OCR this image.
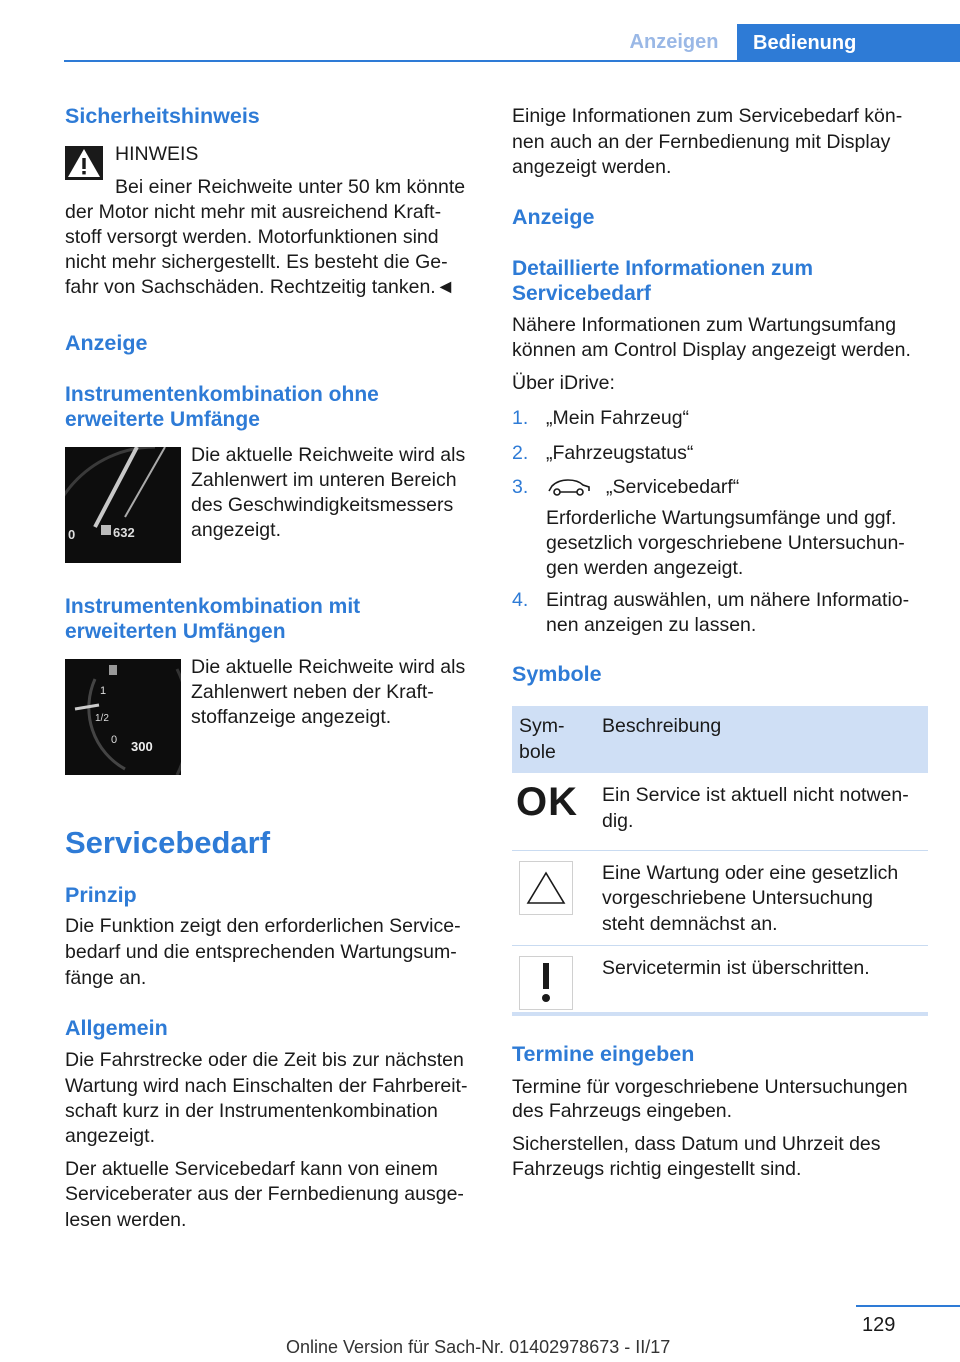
Anzeigen	Bedienung
Sicherheitshinweis
HINWEIS
Bei einer Reichweite unter 50 km könnte
der Motor nicht mehr mit ausreichend Kraft-
stoff versorgt werden. Motorfunktionen sind
nicht mehr sichergestellt. Es besteht die Ge-
fahr von Sachschäden. Rechtzeitig tanken.◄
Anzeige
Instrumentenkombination ohne
erweiterte Umfänge
0	632
Die aktuelle Reichweite wird als
Zahlenwert im unteren Bereich
des Geschwindigkeitsmessers
angezeigt.
Instrumentenkombination mit
erweiterten Umfängen
1
1/2
0 300
Die aktuelle Reichweite wird als
Zahlenwert neben der Kraft-
stoffanzeige angezeigt.
Servicebedarf
Prinzip
Die Funktion zeigt den erforderlichen Service-
bedarf und die entsprechenden Wartungsum-
fänge an.
Allgemein
Die Fahrstrecke oder die Zeit bis zur nächsten
Wartung wird nach Einschalten der Fahrbereit-
schaft kurz in der Instrumentenkombination
angezeigt.
Der aktuelle Servicebedarf kann von einem
Serviceberater aus der Fernbedienung ausge-
lesen werden.
Einige Informationen zum Servicebedarf kön-
nen auch an der Fernbedienung mit Display
angezeigt werden.
Anzeige
Detaillierte Informationen zum
Servicebedarf
Nähere Informationen zum Wartungsumfang
können am Control Display angezeigt werden.
Über iDrive:
1. „Mein Fahrzeug“
2. „Fahrzeugstatus“
3.	„Servicebedarf“
Erforderliche Wartungsumfänge und ggf.
gesetzlich vorgeschriebene Untersuchun-
gen werden angezeigt.
4. Eintrag auswählen, um nähere Informatio-
nen anzeigen zu lassen.
Symbole
Sym-
bole	Beschreibung

OK	Ein Service ist aktuell nicht notwen-
dig.

Eine Wartung oder eine gesetzlich
vorgeschriebene Untersuchung
steht demnächst an.

Servicetermin ist überschritten.
Termine eingeben
Termine für vorgeschriebene Untersuchungen
des Fahrzeugs eingeben.
Sicherstellen, dass Datum und Uhrzeit des
Fahrzeugs richtig eingestellt sind.
129
Online Version für Sach-Nr. 01402978673 - II/17
